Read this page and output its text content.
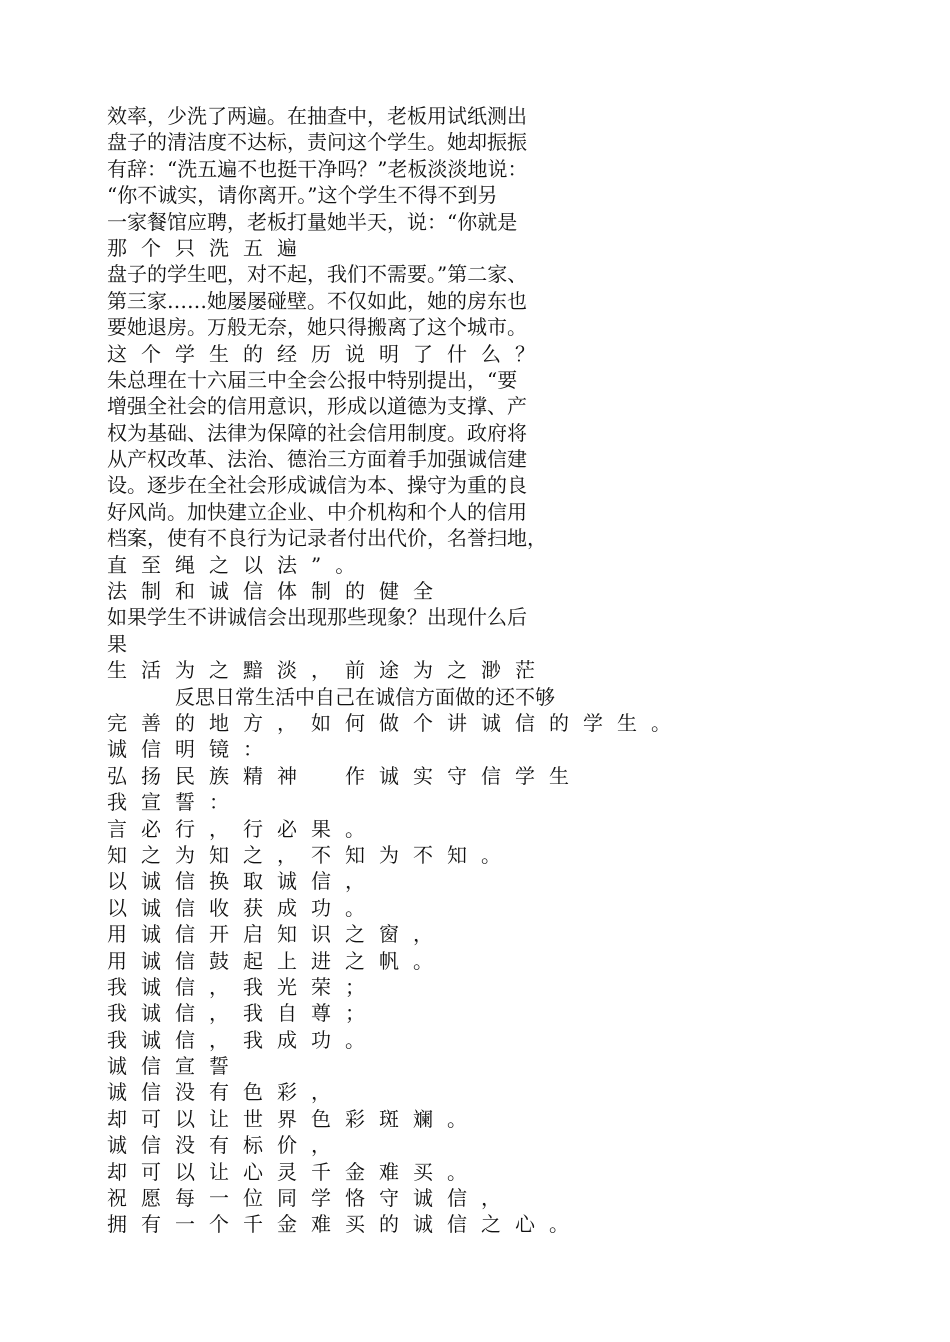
效率，少洗了两遍。在抽查中，老板用试纸测出
盘子的清洁度不达标，责问这个学生。她却振振
有辞：“洗五遍不也挺干净吗？”老板淡淡地说：
“你不诚实，请你离开。”这个学生不得不到另
一家餐馆应聘，老板打量她半天，说：“你就是
那个只洗五遍
盘子的学生吧，对不起，我们不需要。”第二家、
第三家……她屡屡碰壁。不仅如此，她的房东也
要她退房。万般无奈，她只得搬离了这个城市。
这个学生的经历说明了什么？
朱总理在十六届三中全会公报中特别提出，“要
增强全社会的信用意识，形成以道德为支撑、产
权为基础、法律为保障的社会信用制度。政府将
从产权改革、法治、德治三方面着手加强诚信建
设。逐步在全社会形成诚信为本、操守为重的良
好风尚。加快建立企业、中介机构和个人的信用
档案，使有不良行为记录者付出代价，名誉扫地，
直至绳之以法”。
法制和诚信体制的健全
如果学生不讲诚信会出现那些现象？出现什么后
果
生活为之黯淡，前途为之渺茫
反思日常生活中自己在诚信方面做的还不够
完善的地方，如何做个讲诚信的学生。
诚信明镜：
弘扬民族精神　作诚实守信学生
我宣誓：
言必行，行必果。
知之为知之，不知为不知。
以诚信换取诚信，
以诚信收获成功。
用诚信开启知识之窗，
用诚信鼓起上进之帆。
我诚信，我光荣；
我诚信，我自尊；
我诚信，我成功。
诚信宣誓
诚信没有色彩，
却可以让世界色彩斑斓。
诚信没有标价，
却可以让心灵千金难买。
祝愿每一位同学恪守诚信，
拥有一个千金难买的诚信之心。
